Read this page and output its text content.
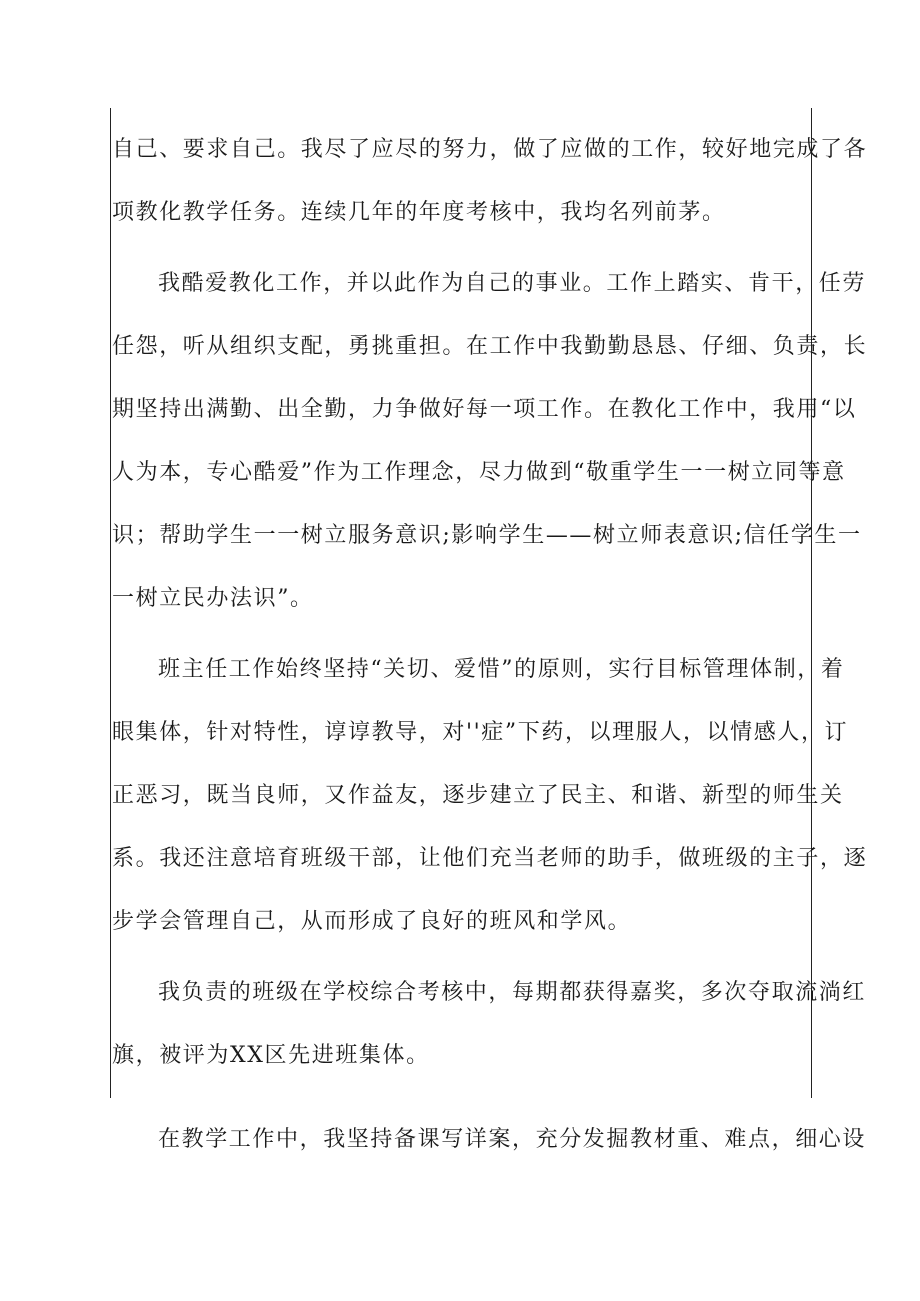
自己、要求自己。我尽了应尽的努力，做了应做的工作，较好地完成了各
项教化教学任务。连续几年的年度考核中，我均名列前茅。
我酷爱教化工作，并以此作为自己的事业。工作上踏实、肯干，任劳
任怨，听从组织支配，勇挑重担。在工作中我勤勤恳恳、仔细、负责，长
期坚持出满勤、出全勤，力争做好每一项工作。在教化工作中，我用“以
人为本，专心酷爱”作为工作理念，尽力做到“敬重学生一一树立同等意
识；帮助学生一一树立服务意识;影响学生——树立师表意识;信任学生一
一树立民办法识”。
班主任工作始终坚持“关切、爱惜”的原则，实行目标管理体制，着
眼集体，针对特性，谆谆教导，对''症”下药，以理服人，以情感人，订
正恶习，既当良师，又作益友，逐步建立了民主、和谐、新型的师生关
系。我还注意培育班级干部，让他们充当老师的助手，做班级的主子，逐
步学会管理自己，从而形成了良好的班风和学风。
我负责的班级在学校综合考核中，每期都获得嘉奖，多次夺取流淌红
旗，被评为XX区先进班集体。
在教学工作中，我坚持备课写详案，充分发掘教材重、难点，细心设
